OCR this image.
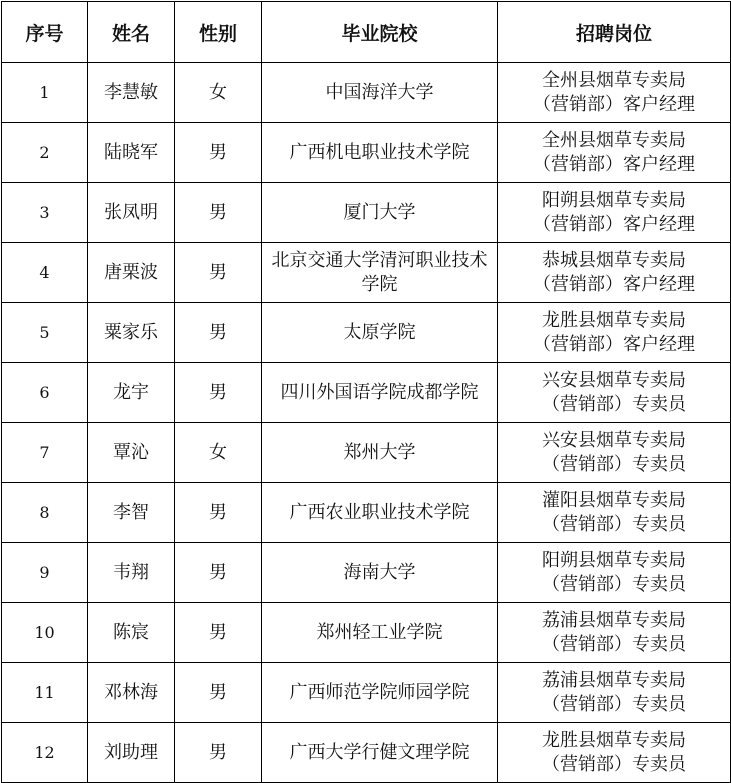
序号	姓名	性别	毕业院校	招聘岗位
1	李慧敏	女	中国海洋大学	全州县烟草专卖局
（营销部）客户经理

2	陆晓军	男	广西机电职业技术学院	全州县烟草专卖局
（营销部）客户经理

3	张凤明	男	厦门大学	阳朔县烟草专卖局
（营销部）客户经理

4	唐栗波	男	北京交通大学清河职业技术学院	恭城县烟草专卖局
（营销部）客户经理

5	粟家乐	男	太原学院	龙胜县烟草专卖局
（营销部）客户经理

6	龙宇	男	四川外国语学院成都学院	兴安县烟草专卖局
（营销部）专卖员

7	覃沁	女	郑州大学	兴安县烟草专卖局
（营销部）专卖员

8	李智	男	广西农业职业技术学院	灌阳县烟草专卖局
（营销部）专卖员

9	韦翔	男	海南大学	阳朔县烟草专卖局
（营销部）专卖员

10	陈宸	男	郑州轻工业学院	荔浦县烟草专卖局
（营销部）专卖员

11	邓林海	男	广西师范学院师园学院	荔浦县烟草专卖局
（营销部）专卖员

12	刘助理	男	广西大学行健文理学院	龙胜县烟草专卖局
（营销部）专卖员
